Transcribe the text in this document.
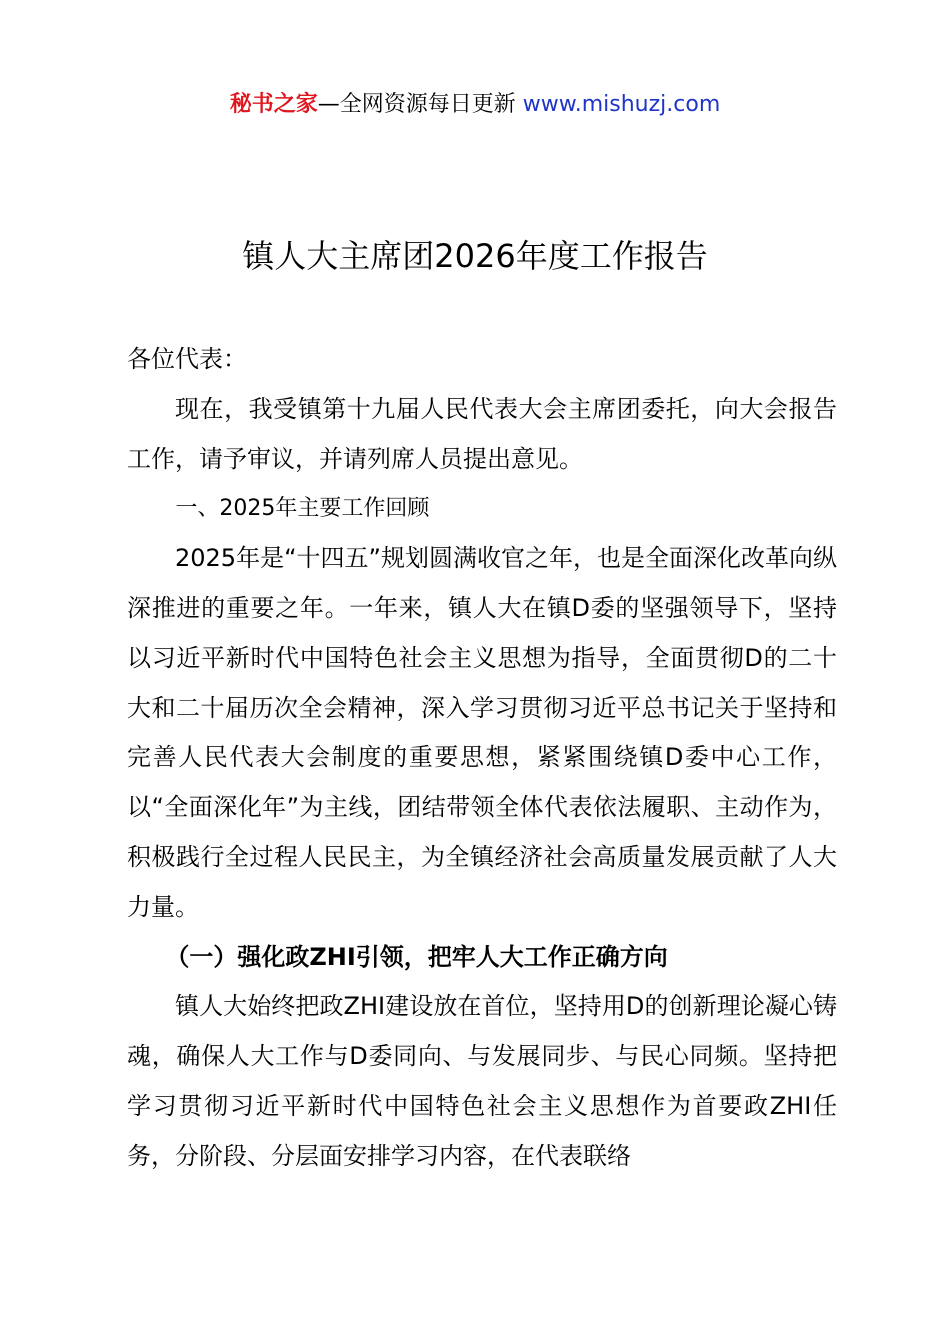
秘书之家—全网资源每日更新 www.mishuzj.com
镇人大主席团2026年度工作报告

各位代表：

现在，我受镇第十九届人民代表大会主席团委托，向大会报告工作，请予审议，并请列席人员提出意见。

一、2025年主要工作回顾

2025年是“十四五”规划圆满收官之年，也是全面深化改革向纵深推进的重要之年。一年来，镇人大在镇D委的坚强领导下，坚持以习近平新时代中国特色社会主义思想为指导，全面贯彻D的二十大和二十届历次全会精神，深入学习贯彻习近平总书记关于坚持和完善人民代表大会制度的重要思想，紧紧围绕镇D委中心工作，以“全面深化年”为主线，团结带领全体代表依法履职、主动作为，积极践行全过程人民民主，为全镇经济社会高质量发展贡献了人大力量。

（一）强化政ZHI引领，把牢人大工作正确方向

镇人大始终把政ZHI建设放在首位，坚持用D的创新理论凝心铸魂，确保人大工作与D委同向、与发展同步、与民心同频。坚持把学习贯彻习近平新时代中国特色社会主义思想作为首要政ZHI任务，分阶段、分层面安排学习内容，在代表联络
